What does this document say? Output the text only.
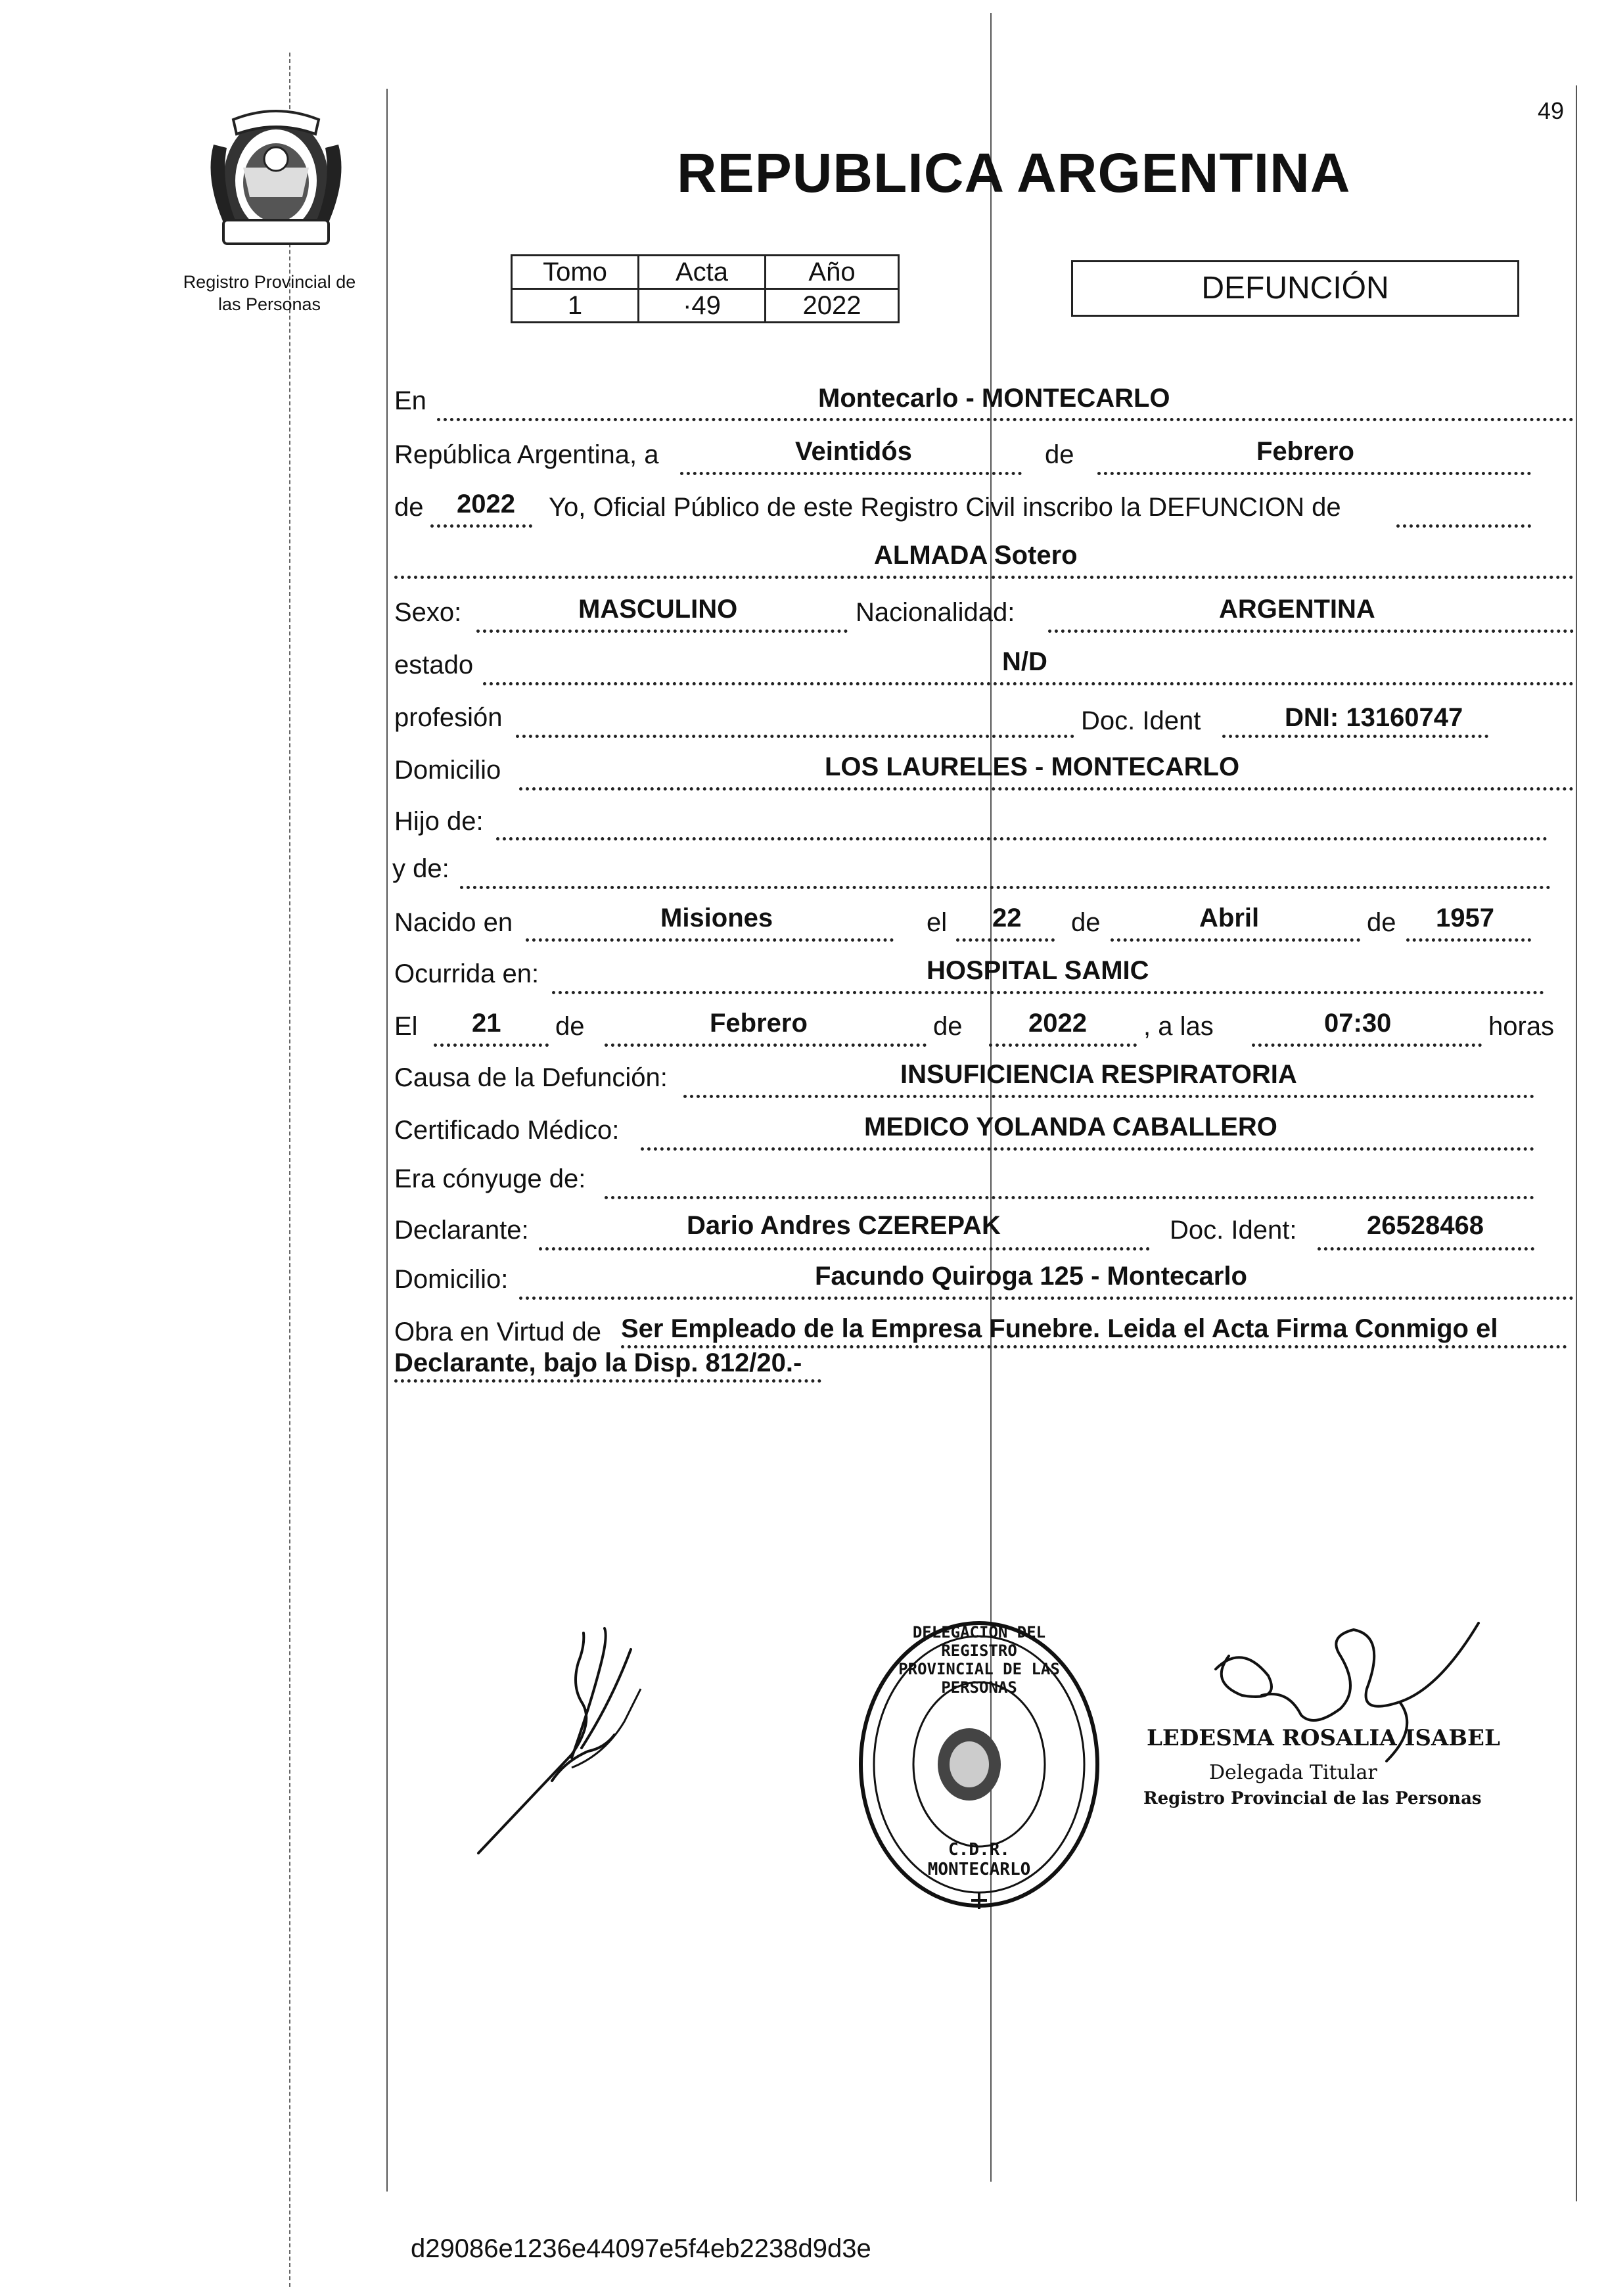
49
Registro Provincial de
las Personas
REPUBLICA ARGENTINA
Tomo	Acta	Año
1	·49	2022	DEFUNCIÓN
En	Montecarlo - MONTECARLO
República Argentina, a	Veintidós	de	Febrero
de 2022 Yo, Oficial Público de este Registro Civil inscribo la DEFUNCION de
ALMADA Sotero
Sexo:	MASCULINO	Nacionalidad:	ARGENTINA
estado	N/D
profesión	Doc. Ident	DNI: 13160747
Domicilio	LOS LAURELES - MONTECARLO
Hijo de:
y de:
Nacido en	Misiones	el 22 de	Abril	de 1957
Ocurrida en:	HOSPITAL SAMIC
El 21 de	Febrero	de	2022 , a las	07:30	horas
Causa de la Defunción:	INSUFICIENCIA RESPIRATORIA
Certificado Médico:	MEDICO YOLANDA CABALLERO
Era cónyuge de:
Declarante:	Dario Andres CZEREPAK	Doc. Ident:	26528468
Domicilio:	Facundo Quiroga 125 - Montecarlo
Obra en Virtud de Ser Empleado de la Empresa Funebre. Leida el Acta Firma Conmigo el
Declarante, bajo la Disp. 812/20.-
DELEGACION DEL REGISTRO PROVINCIAL DE LAS PERSONAS
C.D.R. MONTECARLO
LEDESMA ROSALIA ISABEL
Delegada Titular
Registro Provincial de las Personas
d29086e1236e44097e5f4eb2238d9d3e
